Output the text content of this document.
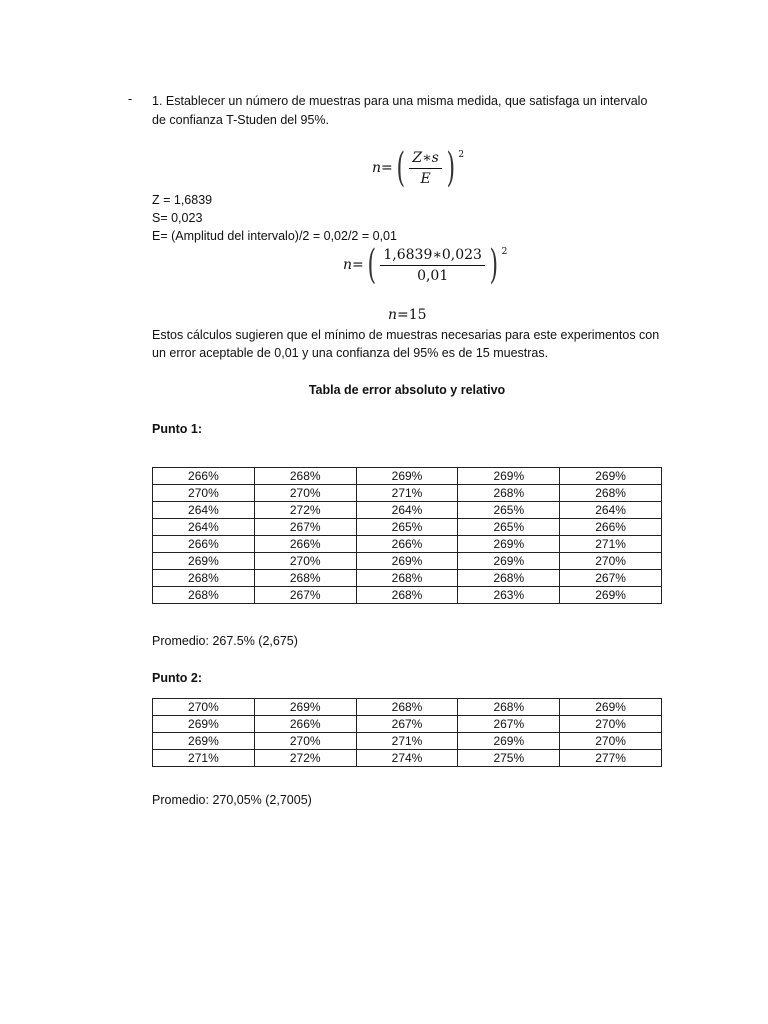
- 1. Establecer un número de muestras para una misma medida, que satisfaga un intervalo
de confianza T-Studen del 95%.
n = ( $\frac{Z∗s}{E}$ ) 2
Z = 1,6839
S= 0,023
E= (Amplitud del intervalo)/2 = 0,02/2 = 0,01
n = ( $\frac{1,6839∗0,023}{0,01}$ ) 2
n = 15
Estos cálculos sugieren que el mínimo de muestras necesarias para este experimentos con
un error aceptable de 0,01 y una confianza del 95% es de 15 muestras.
Tabla de error absoluto y relativo
Punto 1:
266%	268%	269%	269%	269%
270%	270%	271%	268%	268%
264%	272%	264%	265%	264%
264%	267%	265%	265%	266%
266%	266%	266%	269%	271%
269%	270%	269%	269%	270%
268%	268%	268%	268%	267%
268%	267%	268%	263%	269%
Promedio: 267.5% (2,675)
Punto 2:
270%	269%	268%	268%	269%
269%	266%	267%	267%	270%
269%	270%	271%	269%	270%
271%	272%	274%	275%	277%
Promedio: 270,05% (2,7005)
